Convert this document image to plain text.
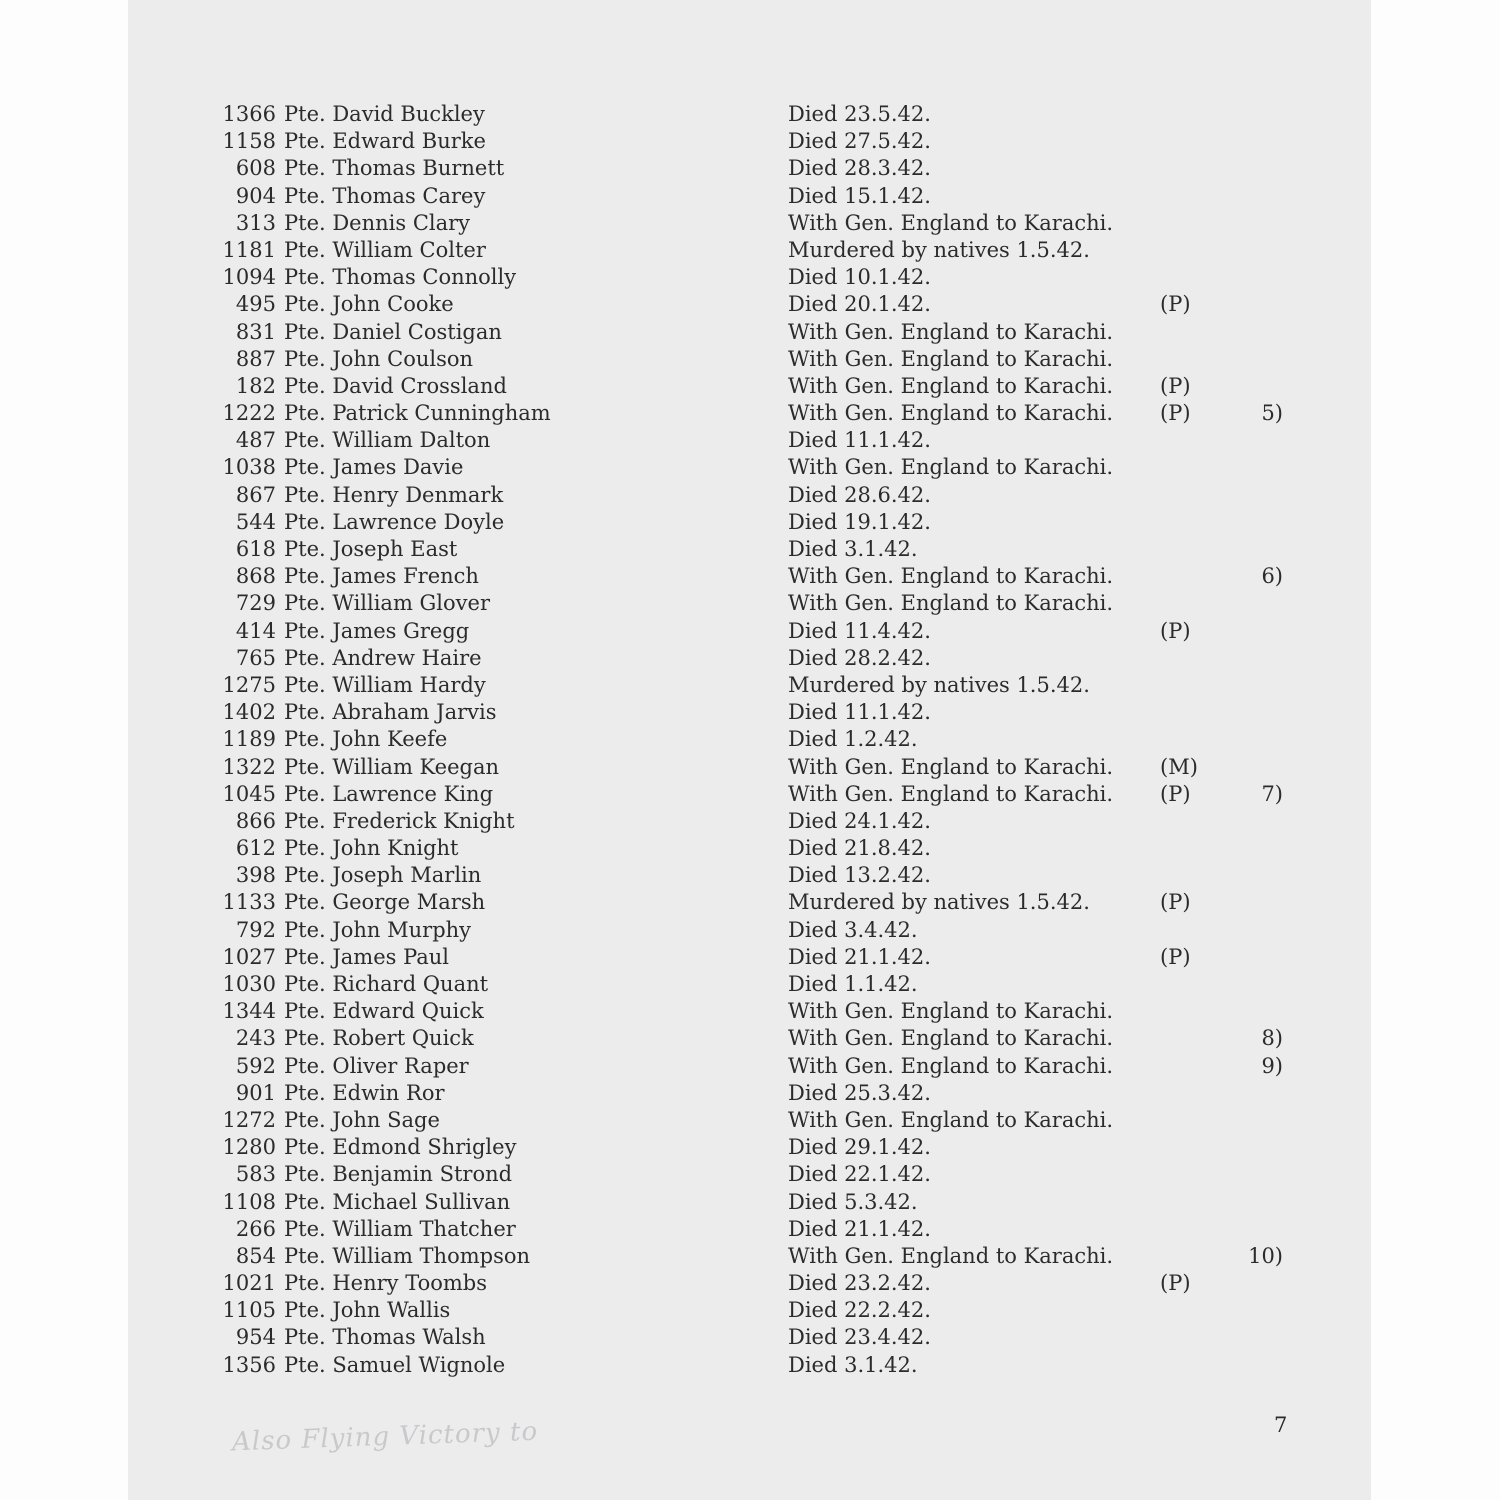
1366 Pte. David Buckley	Died 23.5.42.
1158 Pte. Edward Burke	Died 27.5.42.
608 Pte. Thomas Burnett	Died 28.3.42.
904 Pte. Thomas Carey	Died 15.1.42.
313 Pte. Dennis Clary	With Gen. England to Karachi.
1181 Pte. William Colter	Murdered by natives 1.5.42.
1094 Pte. Thomas Connolly	Died 10.1.42.
495 Pte. John Cooke	Died 20.1.42.	(P)
831 Pte. Daniel Costigan	With Gen. England to Karachi.
887 Pte. John Coulson	With Gen. England to Karachi.
182 Pte. David Crossland	With Gen. England to Karachi. (P)
1222 Pte. Patrick Cunningham	With Gen. England to Karachi. (P)	5)
487 Pte. William Dalton	Died 11.1.42.
1038 Pte. James Davie	With Gen. England to Karachi.
867 Pte. Henry Denmark	Died 28.6.42.
544 Pte. Lawrence Doyle	Died 19.1.42.
618 Pte. Joseph East	Died 3.1.42.
868 Pte. James French	With Gen. England to Karachi.	6)
729 Pte. William Glover	With Gen. England to Karachi.
414 Pte. James Gregg	Died 11.4.42.	(P)
765 Pte. Andrew Haire	Died 28.2.42.
1275 Pte. William Hardy	Murdered by natives 1.5.42.
1402 Pte. Abraham Jarvis	Died 11.1.42.
1189 Pte. John Keefe	Died 1.2.42.
1322 Pte. William Keegan	With Gen. England to Karachi. (M)
1045 Pte. Lawrence King	With Gen. England to Karachi. (P)	7)
866 Pte. Frederick Knight	Died 24.1.42.
612 Pte. John Knight	Died 21.8.42.
398 Pte. Joseph Marlin	Died 13.2.42.
1133 Pte. George Marsh	Murdered by natives 1.5.42.	(P)
792 Pte. John Murphy	Died 3.4.42.
1027 Pte. James Paul	Died 21.1.42.	(P)
1030 Pte. Richard Quant	Died 1.1.42.
1344 Pte. Edward Quick	With Gen. England to Karachi.
243 Pte. Robert Quick	With Gen. England to Karachi.	8)
592 Pte. Oliver Raper	With Gen. England to Karachi.	9)
901 Pte. Edwin Ror	Died 25.3.42.
1272 Pte. John Sage	With Gen. England to Karachi.
1280 Pte. Edmond Shrigley	Died 29.1.42.
583 Pte. Benjamin Strond	Died 22.1.42.
1108 Pte. Michael Sullivan	Died 5.3.42.
266 Pte. William Thatcher	Died 21.1.42.
854 Pte. William Thompson	With Gen. England to Karachi.	10)
1021 Pte. Henry Toombs	Died 23.2.42.	(P)
1105 Pte. John Wallis	Died 22.2.42.
954 Pte. Thomas Walsh	Died 23.4.42.
1356 Pte. Samuel Wignole	Died 3.1.42.
7
Also Flying Victory to
